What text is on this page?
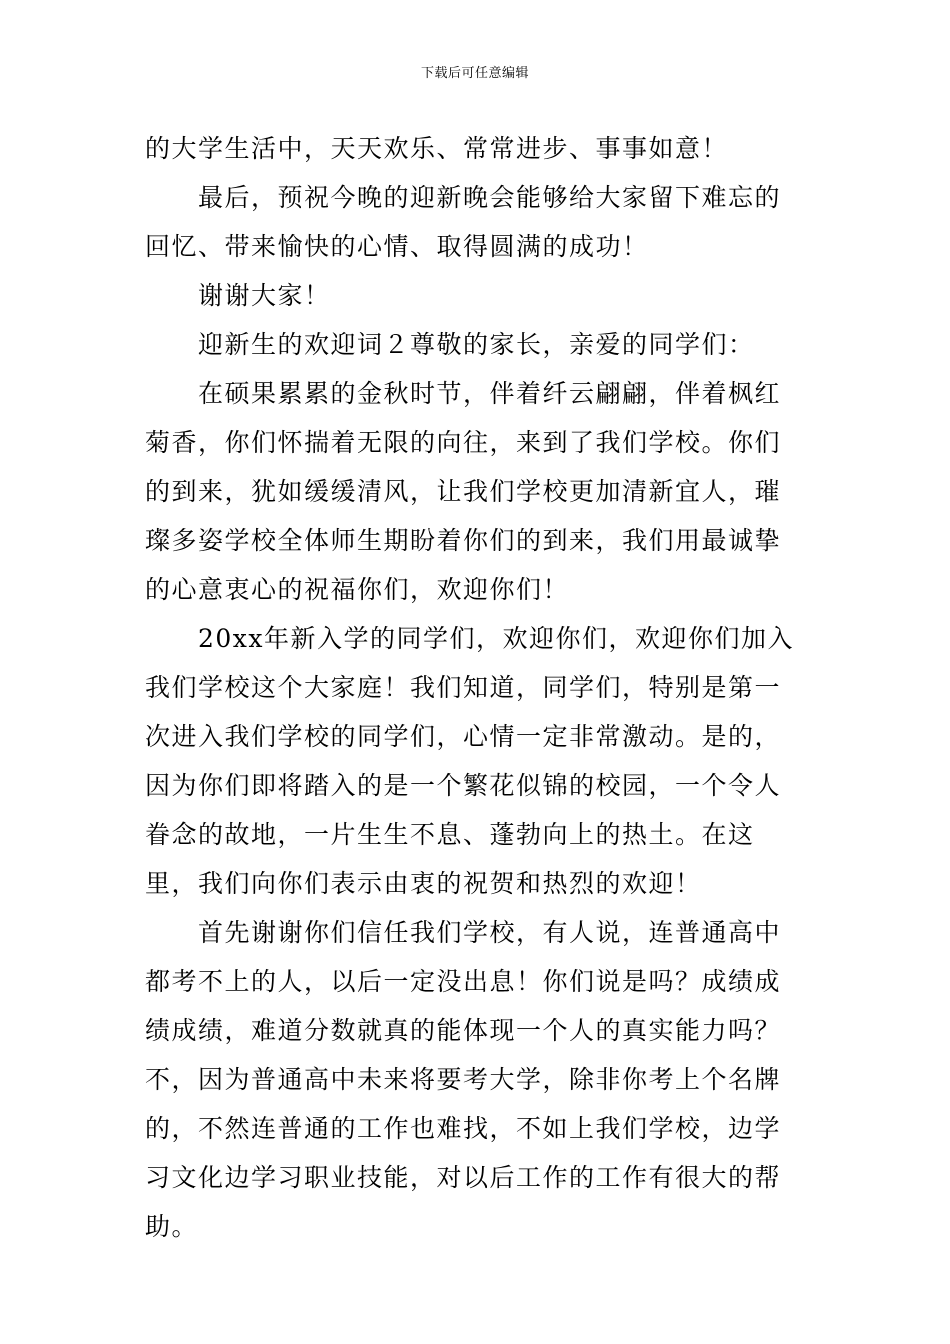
下载后可任意编辑

的大学生活中，天天欢乐、常常进步、事事如意！

最后，预祝今晚的迎新晚会能够给大家留下难忘的回忆、带来愉快的心情、取得圆满的成功！

谢谢大家！

迎新生的欢迎词２尊敬的家长，亲爱的同学们：

在硕果累累的金秋时节，伴着纤云翩翩，伴着枫红菊香，你们怀揣着无限的向往，来到了我们学校。你们的到来，犹如缓缓清风，让我们学校更加清新宜人，璀璨多姿学校全体师生期盼着你们的到来，我们用最诚挚的心意衷心的祝福你们，欢迎你们！

20xx年新入学的同学们，欢迎你们，欢迎你们加入我们学校这个大家庭！我们知道，同学们，特别是第一次进入我们学校的同学们，心情一定非常激动。是的，因为你们即将踏入的是一个繁花似锦的校园，一个令人眷念的故地，一片生生不息、蓬勃向上的热土。在这里，我们向你们表示由衷的祝贺和热烈的欢迎！

首先谢谢你们信任我们学校，有人说，连普通高中都考不上的人，以后一定没出息！你们说是吗？成绩成绩成绩，难道分数就真的能体现一个人的真实能力吗？不，因为普通高中未来将要考大学，除非你考上个名牌的，不然连普通的工作也难找，不如上我们学校，边学习文化边学习职业技能，对以后工作的工作有很大的帮助。
